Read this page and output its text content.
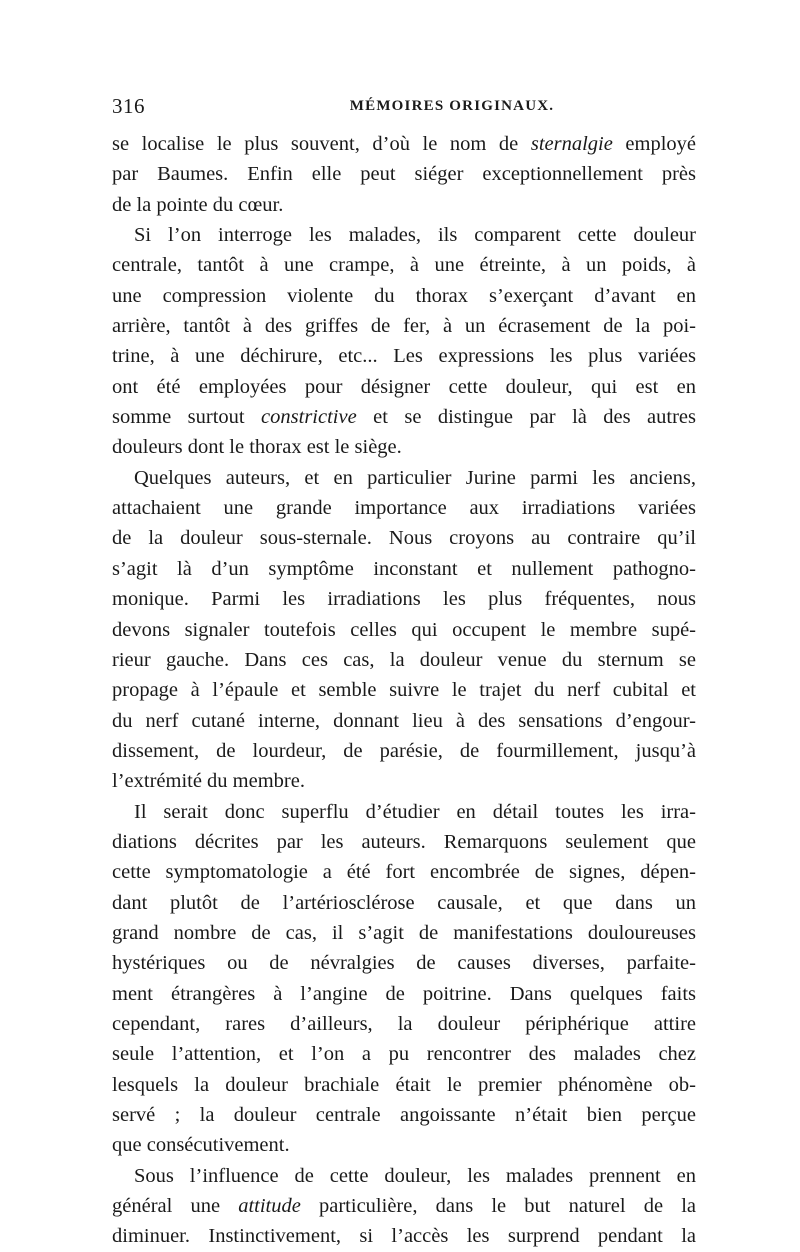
316	MÉMOIRES ORIGINAUX.
se localise le plus souvent, d’où le nom de sternalgie employé
par Baumes. Enfin elle peut siéger exceptionnellement près
de la pointe du cœur.
Si l’on interroge les malades, ils comparent cette douleur
centrale, tantôt à une crampe, à une étreinte, à un poids, à
une compression violente du thorax s’exerçant d’avant en
arrière, tantôt à des griffes de fer, à un écrasement de la poi-
trine, à une déchirure, etc... Les expressions les plus variées
ont été employées pour désigner cette douleur, qui est en
somme surtout constrictive et se distingue par là des autres
douleurs dont le thorax est le siège.
Quelques auteurs, et en particulier Jurine parmi les anciens,
attachaient une grande importance aux irradiations variées
de la douleur sous-sternale. Nous croyons au contraire qu’il
s’agit là d’un symptôme inconstant et nullement pathogno-
monique. Parmi les irradiations les plus fréquentes, nous
devons signaler toutefois celles qui occupent le membre supé-
rieur gauche. Dans ces cas, la douleur venue du sternum se
propage à l’épaule et semble suivre le trajet du nerf cubital et
du nerf cutané interne, donnant lieu à des sensations d’engour-
dissement, de lourdeur, de parésie, de fourmillement, jusqu’à
l’extrémité du membre.
Il serait donc superflu d’étudier en détail toutes les irra-
diations décrites par les auteurs. Remarquons seulement que
cette symptomatologie a été fort encombrée de signes, dépen-
dant plutôt de l’artériosclérose causale, et que dans un
grand nombre de cas, il s’agit de manifestations douloureuses
hystériques ou de névralgies de causes diverses, parfaite-
ment étrangères à l’angine de poitrine. Dans quelques faits
cependant, rares d’ailleurs, la douleur périphérique attire
seule l’attention, et l’on a pu rencontrer des malades chez
lesquels la douleur brachiale était le premier phénomène ob-
servé ; la douleur centrale angoissante n’était bien perçue
que consécutivement.
Sous l’influence de cette douleur, les malades prennent en
général une attitude particulière, dans le but naturel de la
diminuer. Instinctivement, si l’accès les surprend pendant la
